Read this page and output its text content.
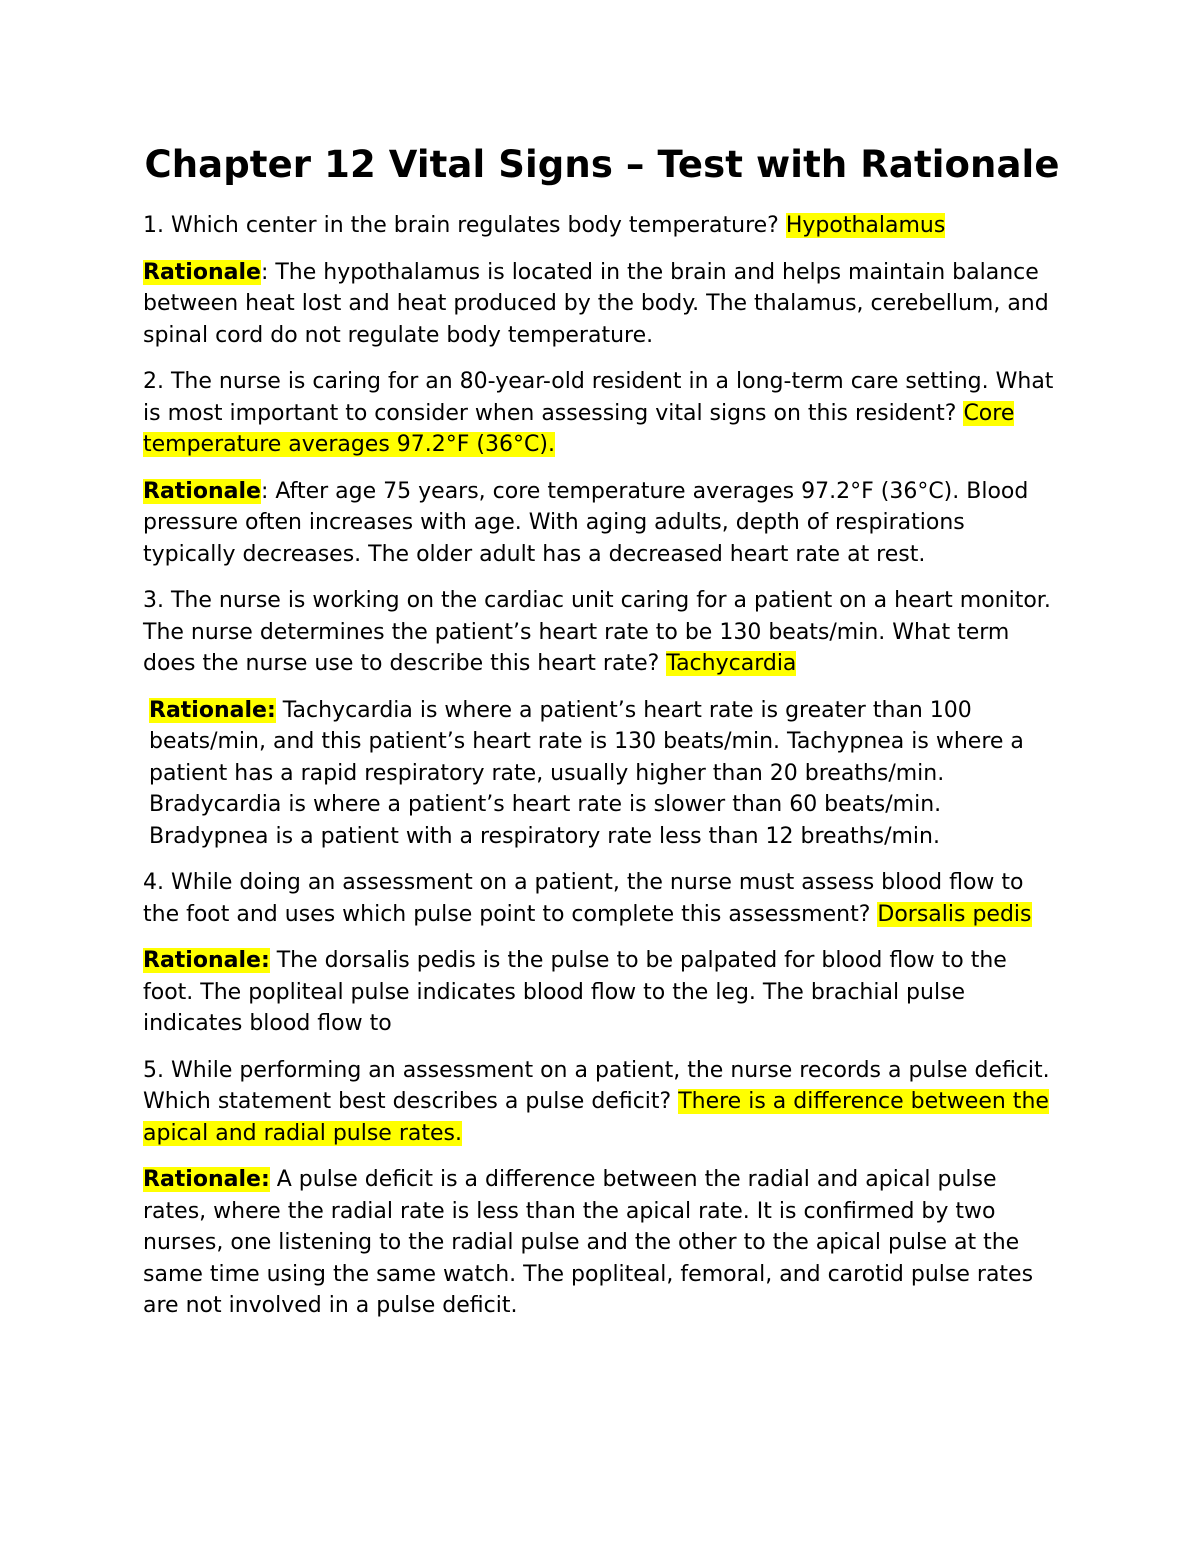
Chapter 12 Vital Signs – Test with Rationale

1. Which center in the brain regulates body temperature? Hypothalamus

Rationale: The hypothalamus is located in the brain and helps maintain balance between heat lost and heat produced by the body. The thalamus, cerebellum, and spinal cord do not regulate body temperature.

2. The nurse is caring for an 80-year-old resident in a long-term care setting. What is most important to consider when assessing vital signs on this resident? Core temperature averages 97.2°F (36°C).

Rationale: After age 75 years, core temperature averages 97.2°F (36°C). Blood pressure often increases with age. With aging adults, depth of respirations typically decreases. The older adult has a decreased heart rate at rest.

3. The nurse is working on the cardiac unit caring for a patient on a heart monitor. The nurse determines the patient’s heart rate to be 130 beats/min. What term does the nurse use to describe this heart rate? Tachycardia

Rationale: Tachycardia is where a patient’s heart rate is greater than 100 beats/min, and this patient’s heart rate is 130 beats/min. Tachypnea is where a patient has a rapid respiratory rate, usually higher than 20 breaths/min. Bradycardia is where a patient’s heart rate is slower than 60 beats/min. Bradypnea is a patient with a respiratory rate less than 12 breaths/min.

4. While doing an assessment on a patient, the nurse must assess blood flow to the foot and uses which pulse point to complete this assessment? Dorsalis pedis

Rationale: The dorsalis pedis is the pulse to be palpated for blood flow to the foot. The popliteal pulse indicates blood flow to the leg. The brachial pulse indicates blood flow to

5. While performing an assessment on a patient, the nurse records a pulse deficit. Which statement best describes a pulse deficit? There is a difference between the apical and radial pulse rates.

Rationale: A pulse deficit is a difference between the radial and apical pulse rates, where the radial rate is less than the apical rate. It is confirmed by two nurses, one listening to the radial pulse and the other to the apical pulse at the same time using the same watch. The popliteal, femoral, and carotid pulse rates are not involved in a pulse deficit.
